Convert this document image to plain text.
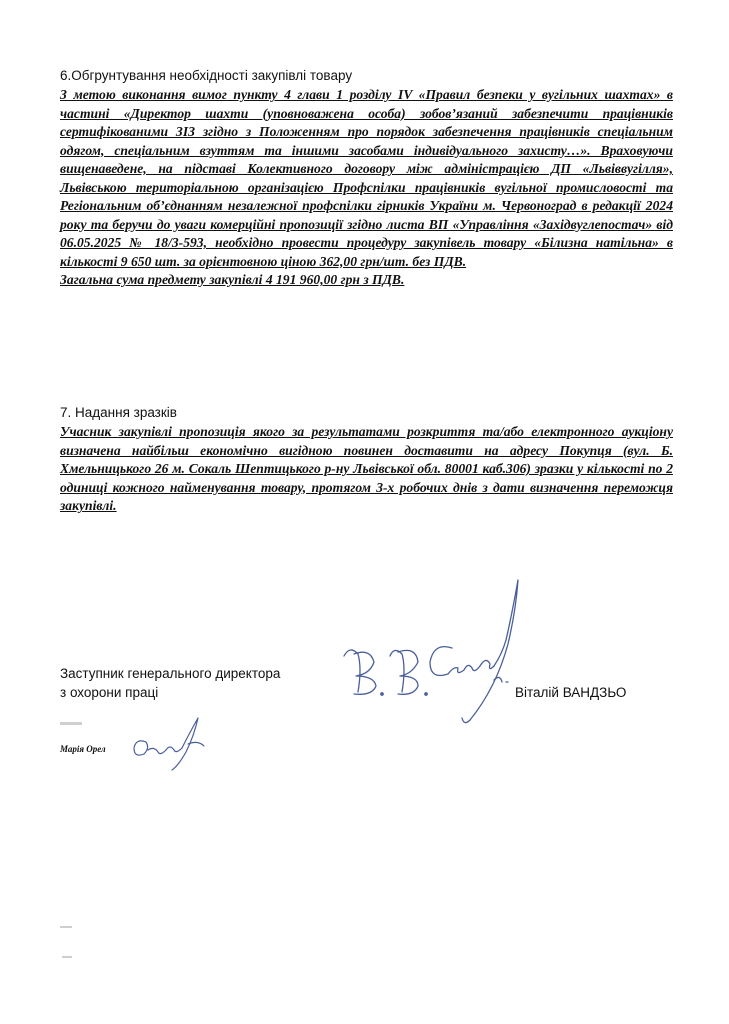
6.Обгрунтування необхідності закупівлі товару

З метою виконання вимог пункту 4 глави 1 розділу IV «Правил безпеки у вугільних шахтах» в частині «Директор шахти (уповноважена особа) зобов’язаний забезпечити працівників сертифікованими ЗІЗ згідно з Положенням про порядок забезпечення працівників спеціальним одягом, спеціальним взуттям та іншими засобами індивідуального захисту…». Враховуючи вищенаведене, на підставі Колективного договору між адміністрацією ДП «Львіввугілля», Львівською територіальною організацією Профспілки працівників вугільної промисловості та Регіональним об’єднанням незалежної профспілки гірників України м. Червоноград в редакції 2024 року та беручи до уваги комерційні пропозиції згідно листа ВП «Управління «Західвуглепостач» від 06.05.2025 № 18/3-593, необхідно провести процедуру закупівель товару «Білизна натільна» в кількості 9 650 шт. за орієнтовною ціною 362,00 грн/шт. без ПДВ.

Загальна сума предмету закупівлі 4 191 960,00 грн з ПДВ.

7. Надання зразків

Учасник закупівлі пропозиція якого за результатами розкриття та/або електронного аукціону визначена найбільш економічно вигідною повинен доставити на адресу Покупця (вул. Б. Хмельницького 26 м. Сокаль Шептицького р-ну Львівської обл. 80001 каб.306) зразки у кількості по 2 одиниці кожного найменування товару, протягом 3-х робочих днів з дати визначення переможця закупівлі.

Заступник генерального директора
з охорони праці	Віталій ВАНДЗЬО
Марія Орел
